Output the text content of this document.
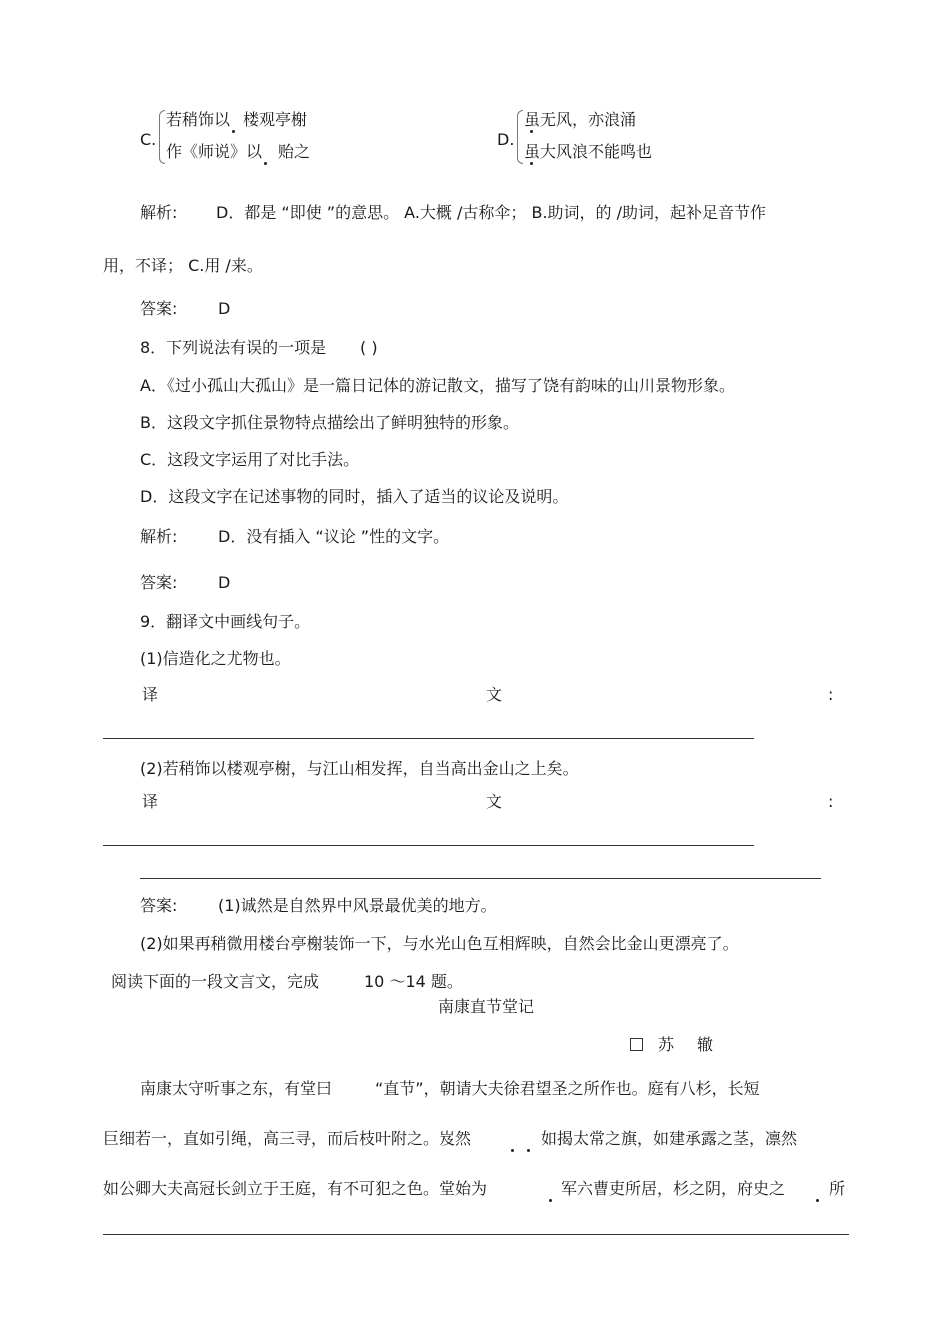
C.
若稍饰以 楼观亭榭
作《师说》以 贻之
D.
虽无风，亦浪涌
虽大风浪不能鸣也
解析: D．都是 “即使 ”的意思。 A.大概 /古称伞； B.助词，的 /助词，起补足音节作
用，不译； C.用 /来。
答案:	D
8．下列说法有误的一项是 ( )
A．《过小孤山大孤山》是一篇日记体的游记散文，描写了饶有韵味的山川景物形象。
B．这段文字抓住景物特点描绘出了鲜明独特的形象。
C．这段文字运用了对比手法。
D．这段文字在记述事物的同时，插入了适当的议论及说明。
解析:	D．没有插入 “议论 ”性的文字。
答案:	D
9．翻译文中画线句子。
(1)信造化之尤物也。
译	文	:
(2)若稍饰以楼观亭榭，与江山相发挥，自当高出金山之上矣。
译	文	:
答案:	(1)诚然是自然界中风景最优美的地方。
(2)如果再稍微用楼台亭榭装饰一下，与水光山色互相辉映，自然会比金山更漂亮了。
阅读下面的一段文言文，完成	10 ～14 题。
南康直节堂记
苏 辙
南康太守听事之东，有堂曰	“直节”，朝请大夫徐君望圣之所作也。庭有八杉，长短
巨细若一，直如引绳，高三寻，而后枝叶附之。岌然	如揭太常之旗，如建承露之茎，凛然
如公卿大夫高冠长剑立于王庭，有不可犯之色。堂始为	军六曹吏所居，杉之阴，府史之	所
